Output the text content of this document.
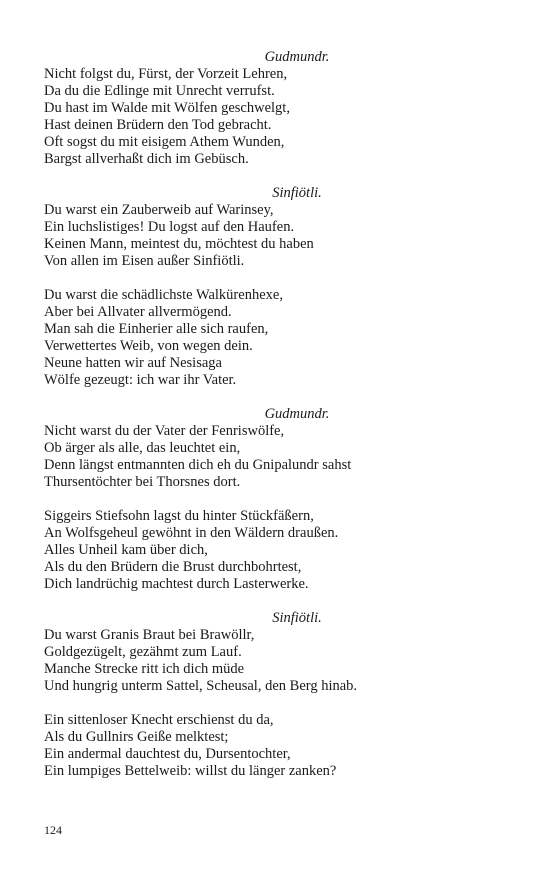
Gudmundr.
Nicht folgst du, Fürst, der Vorzeit Lehren,
Da du die Edlinge mit Unrecht verrufst.
Du hast im Walde mit Wölfen geschwelgt,
Hast deinen Brüdern den Tod gebracht.
Oft sogst du mit eisigem Athem Wunden,
Bargst allverhaßt dich im Gebüsch.
Sinfiötli.
Du warst ein Zauberweib auf Warinsey,
Ein luchslistiges! Du logst auf den Haufen.
Keinen Mann, meintest du, möchtest du haben
Von allen im Eisen außer Sinfiötli.
Du warst die schädlichste Walkürenhexe,
Aber bei Allvater allvermögend.
Man sah die Einherier alle sich raufen,
Verwettertes Weib, von wegen dein.
Neune hatten wir auf Nesisaga
Wölfe gezeugt: ich war ihr Vater.
Gudmundr.
Nicht warst du der Vater der Fenriswölfe,
Ob ärger als alle, das leuchtet ein,
Denn längst entmannten dich eh du Gnipalundr sahst
Thursentöchter bei Thorsnes dort.
Siggeirs Stiefsohn lagst du hinter Stückfäßern,
An Wolfsgeheul gewöhnt in den Wäldern draußen.
Alles Unheil kam über dich,
Als du den Brüdern die Brust durchbohrtest,
Dich landrüchig machtest durch Lasterwerke.
Sinfiötli.
Du warst Granis Braut bei Brawöllr,
Goldgezügelt, gezähmt zum Lauf.
Manche Strecke ritt ich dich müde
Und hungrig unterm Sattel, Scheusal, den Berg hinab.
Ein sittenloser Knecht erschienst du da,
Als du Gullnirs Geiße melktest;
Ein andermal dauchtest du, Dursentochter,
Ein lumpiges Bettelweib: willst du länger zanken?
124
